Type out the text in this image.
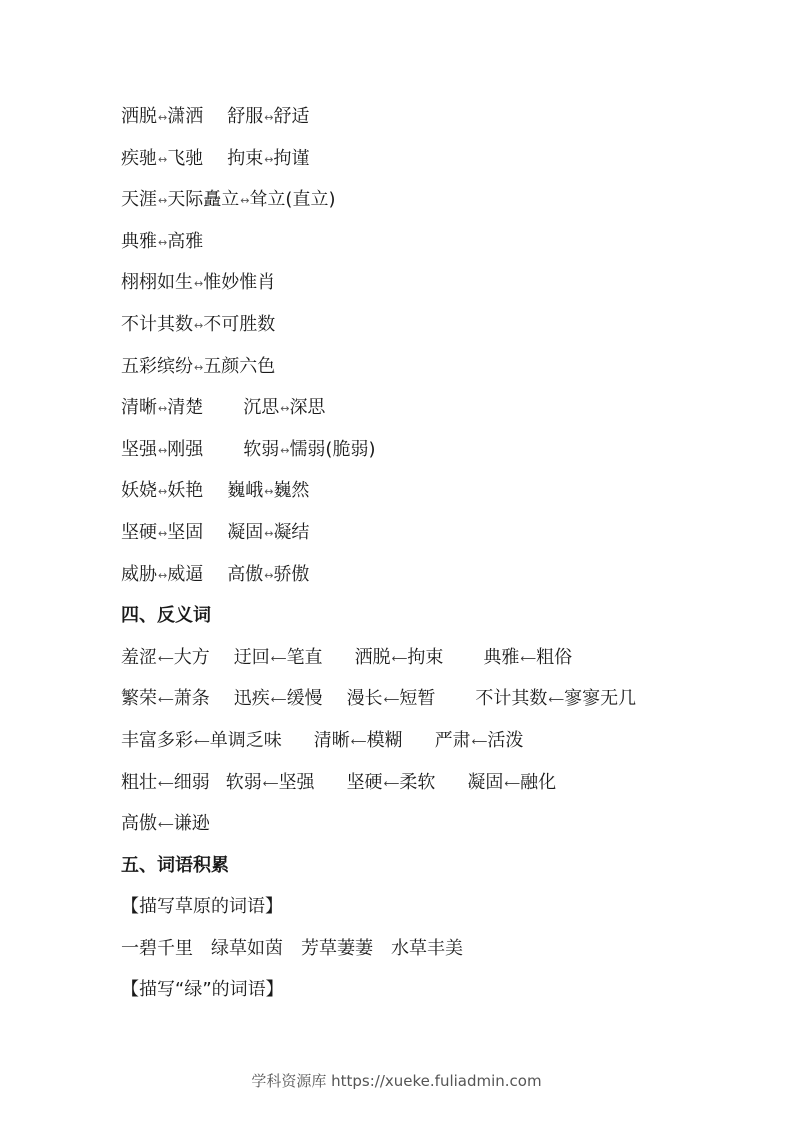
洒脱↔潇洒 舒服↔舒适
疾驰↔飞驰 拘束↔拘谨
天涯↔天际矗立↔耸立(直立)
典雅↔高雅
栩栩如生↔惟妙惟肖
不计其数↔不可胜数
五彩缤纷↔五颜六色
清晰↔清楚 沉思↔深思
坚强↔刚强 软弱↔懦弱(脆弱)
妖娆↔妖艳 巍峨↔巍然
坚硬↔坚固 凝固↔凝结
威胁↔威逼 高傲↔骄傲
四、反义词
羞涩⟵大方 迂回⟵笔直 洒脱⟵拘束 典雅⟵粗俗
繁荣⟵萧条 迅疾⟵缓慢 漫长⟵短暂 不计其数⟵寥寥无几
丰富多彩⟵单调乏味 清晰⟵模糊 严肃⟵活泼
粗壮⟵细弱 软弱⟵坚强 坚硬⟵柔软 凝固⟵融化
高傲⟵谦逊
五、词语积累
【描写草原的词语】
一碧千里　绿草如茵　芳草萋萋　水草丰美
【描写“绿”的词语】
学科资源库 https://xueke.fuliadmin.com
